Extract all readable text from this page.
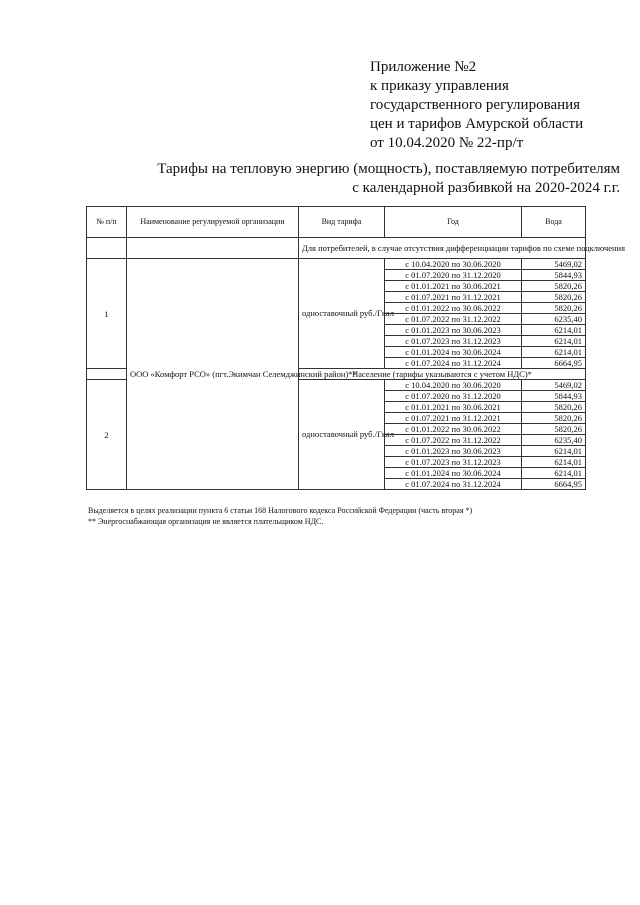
Приложение №2
к приказу управления
государственного регулирования
цен и тарифов Амурской области
от 10.04.2020 № 22-пр/т
Тарифы на тепловую энергию (мощность), поставляемую потребителям
с календарной разбивкой на 2020-2024 г.г.
№ п/п	Наименование регулируемой организации	Вид тарифа	Год	Вода
		Для потребителей, в случае отсутствия дифференциации тарифов по схеме подключения		
1	ООО «Комфорт РСО» (пгт.Экимчан Селемджинский район)**	одноставочный руб./Гкал	с 10.04.2020 по 30.06.2020	5469,02
			с 01.07.2020 по 31.12.2020	5844,93
			с 01.01.2021 по 30.06.2021	5820,26
			с 01.07.2021 по 31.12.2021	5820,26
			с 01.01.2022 по 30.06.2022	5820,26
			с 01.07.2022 по 31.12.2022	6235,40
			с 01.01.2023 по 30.06.2023	6214,01
			с 01.07.2023 по 31.12.2023	6214,01
			с 01.01.2024 по 30.06.2024	6214,01
			с 01.07.2024 по 31.12.2024	6664,95
		Население (тарифы указываются с учетом НДС)*		
2		одноставочный руб./Гкал	с 10.04.2020 по 30.06.2020	5469,02
			с 01.07.2020 по 31.12.2020	5844,93
			с 01.01.2021 по 30.06.2021	5820,26
			с 01.07.2021 по 31.12.2021	5820,26
			с 01.01.2022 по 30.06.2022	5820,26
			с 01.07.2022 по 31.12.2022	6235,40
			с 01.01.2023 по 30.06.2023	6214,01
			с 01.07.2023 по 31.12.2023	6214,01
			с 01.01.2024 по 30.06.2024	6214,01
			с 01.07.2024 по 31.12.2024	6664,95
Выделяется в целях реализации пункта 6 статьи 168 Налогового кодекса Российской Федерации (часть вторая *)
** Энергоснабжающая организация не является плательщиком НДС.
